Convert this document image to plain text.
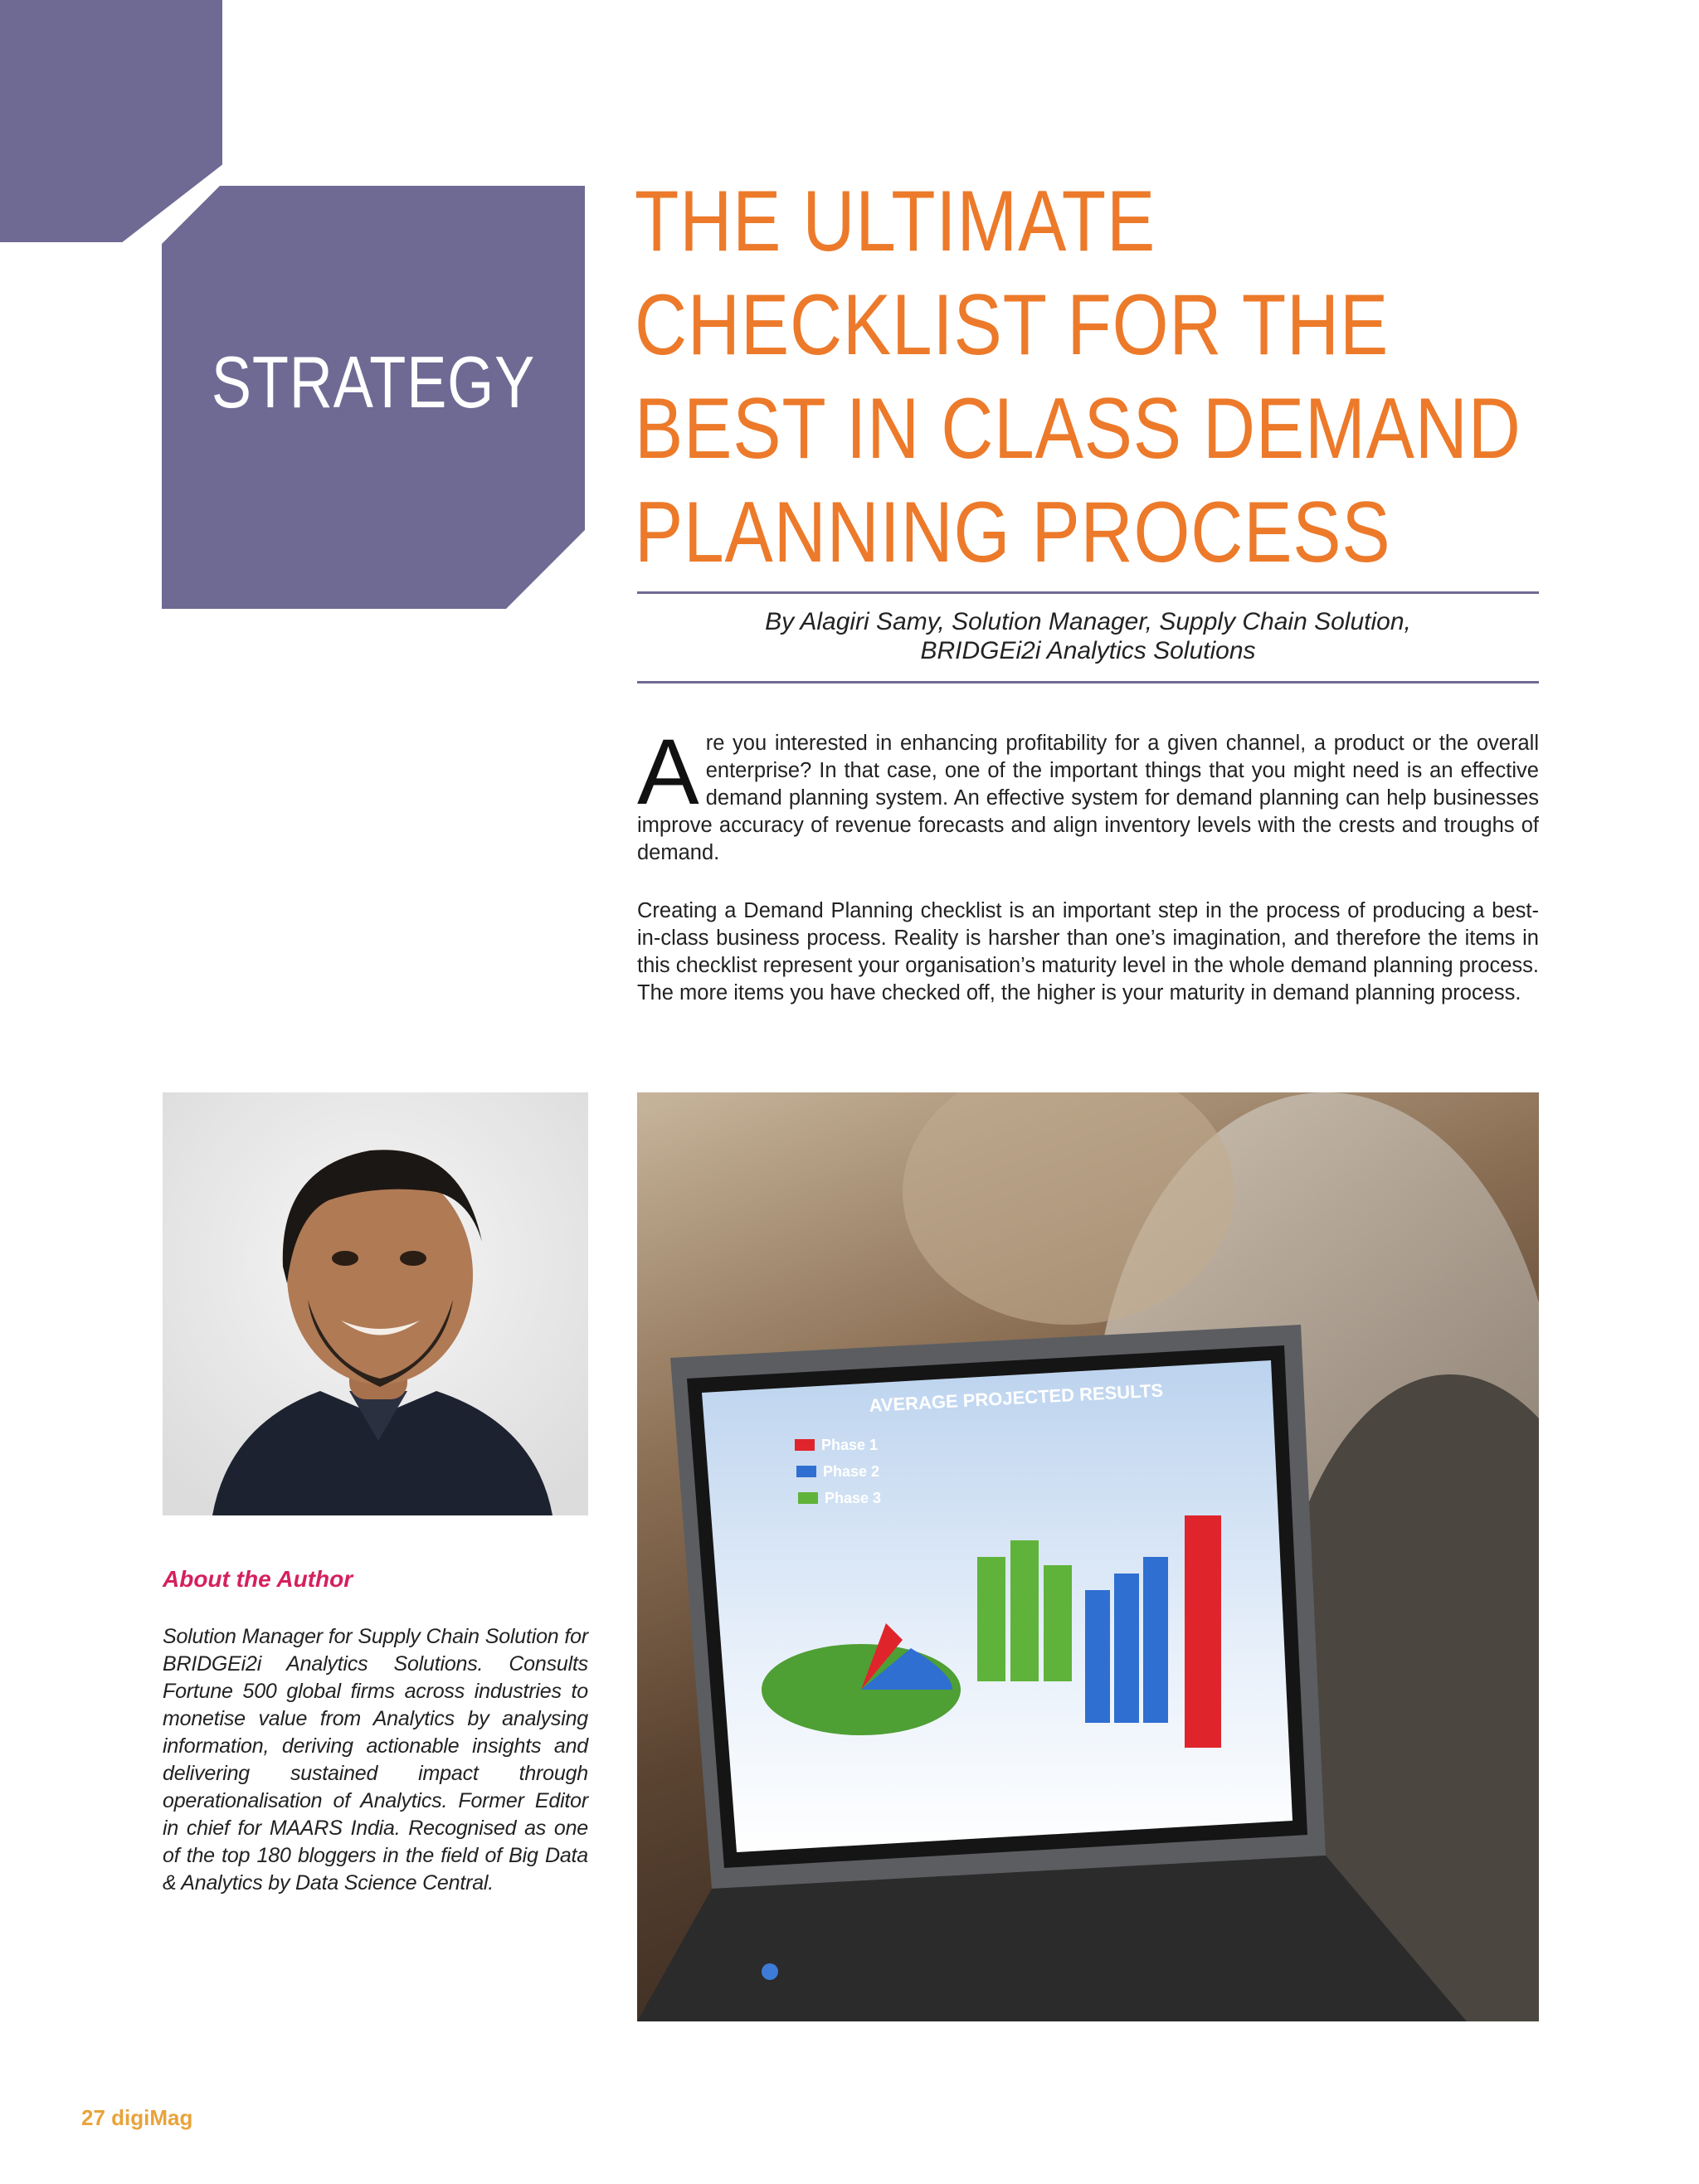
STRATEGY
THE ULTIMATE
CHECKLIST FOR THE
BEST IN CLASS DEMAND
PLANNING PROCESS
By Alagiri Samy, Solution Manager, Supply Chain Solution,
BRIDGEi2i Analytics Solutions

Are you interested in enhancing profitability for a given channel, a product or the overall enterprise? In that case, one of the important things that you might need is an effective demand planning system. An effective system for demand planning can help businesses improve accuracy of revenue forecasts and align inventory levels with the crests and troughs of demand.

Creating a Demand Planning checklist is an important step in the process of producing a best-in-class business process. Reality is harsher than one’s imagination, and therefore the items in this checklist represent your organisation’s maturity level in the whole demand planning process. The more items you have checked off, the higher is your maturity in demand planning process.

AVERAGE PROJECTED RESULTS
Phase 1
Phase 2
Phase 3
About the Author

Solution Manager for Supply Chain Solution for BRIDGEi2i Analytics Solutions. Consults Fortune 500 global firms across industries to monetise value from Analytics by analysing information, deriving actionable insights and delivering sustained impact through operationalisation of Analytics. Former Editor in chief for MAARS India. Recognised as one of the top 180 bloggers in the field of Big Data & Analytics by Data Science Central.

27 digiMag
